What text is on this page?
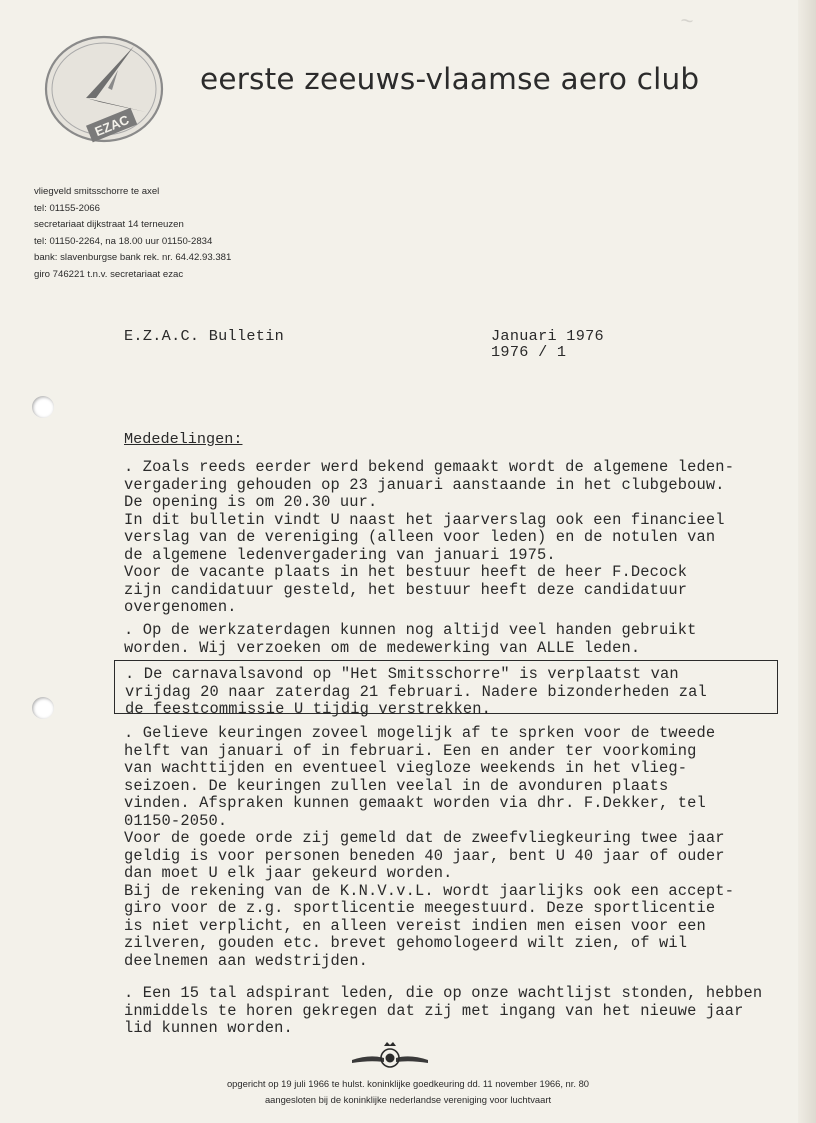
~
EZAC
eerste zeeuws-vlaamse aero club
vliegveld smitsschorre te axel
tel: 01155-2066
secretariaat dijkstraat 14 terneuzen
tel: 01150-2264, na 18.00 uur 01150-2834
bank: slavenburgse bank rek. nr. 64.42.93.381
giro 746221 t.n.v. secretariaat ezac
E.Z.A.C. Bulletin	Januari 1976
1976 / 1
Mededelingen:
. Zoals reeds eerder werd bekend gemaakt wordt de algemene leden-
vergadering gehouden op 23 januari aanstaande in het clubgebouw.
De opening is om 20.30 uur.
In dit bulletin vindt U naast het jaarverslag ook een financieel
verslag van de vereniging (alleen voor leden) en de notulen van
de algemene ledenvergadering van januari 1975.
Voor de vacante plaats in het bestuur heeft de heer F.Decock
zijn candidatuur gesteld, het bestuur heeft deze candidatuur
overgenomen.
. Op de werkzaterdagen kunnen nog altijd veel handen gebruikt
worden. Wij verzoeken om de medewerking van ALLE leden.
. De carnavalsavond op "Het Smitsschorre" is verplaatst van
vrijdag 20 naar zaterdag 21 februari. Nadere bizonderheden zal
de feestcommissie U tijdig verstrekken.
. Gelieve keuringen zoveel mogelijk af te sprken voor de tweede
helft van januari of in februari. Een en ander ter voorkoming
van wachttijden en eventueel viegloze weekends in het vlieg-
seizoen. De keuringen zullen veelal in de avonduren plaats
vinden. Afspraken kunnen gemaakt worden via dhr. F.Dekker, tel
01150-2050.
Voor de goede orde zij gemeld dat de zweefvliegkeuring twee jaar
geldig is voor personen beneden 40 jaar, bent U 40 jaar of ouder
dan moet U elk jaar gekeurd worden.
Bij de rekening van de K.N.V.v.L. wordt jaarlijks ook een accept-
giro voor de z.g. sportlicentie meegestuurd. Deze sportlicentie
is niet verplicht, en alleen vereist indien men eisen voor een
zilveren, gouden etc. brevet gehomologeerd wilt zien, of wil
deelnemen aan wedstrijden.
. Een 15 tal adspirant leden, die op onze wachtlijst stonden, hebben
inmiddels te horen gekregen dat zij met ingang van het nieuwe jaar
lid kunnen worden.
opgericht op 19 juli 1966 te hulst. koninklijke goedkeuring dd. 11 november 1966, nr. 80
aangesloten bij de koninklijke nederlandse vereniging voor luchtvaart
